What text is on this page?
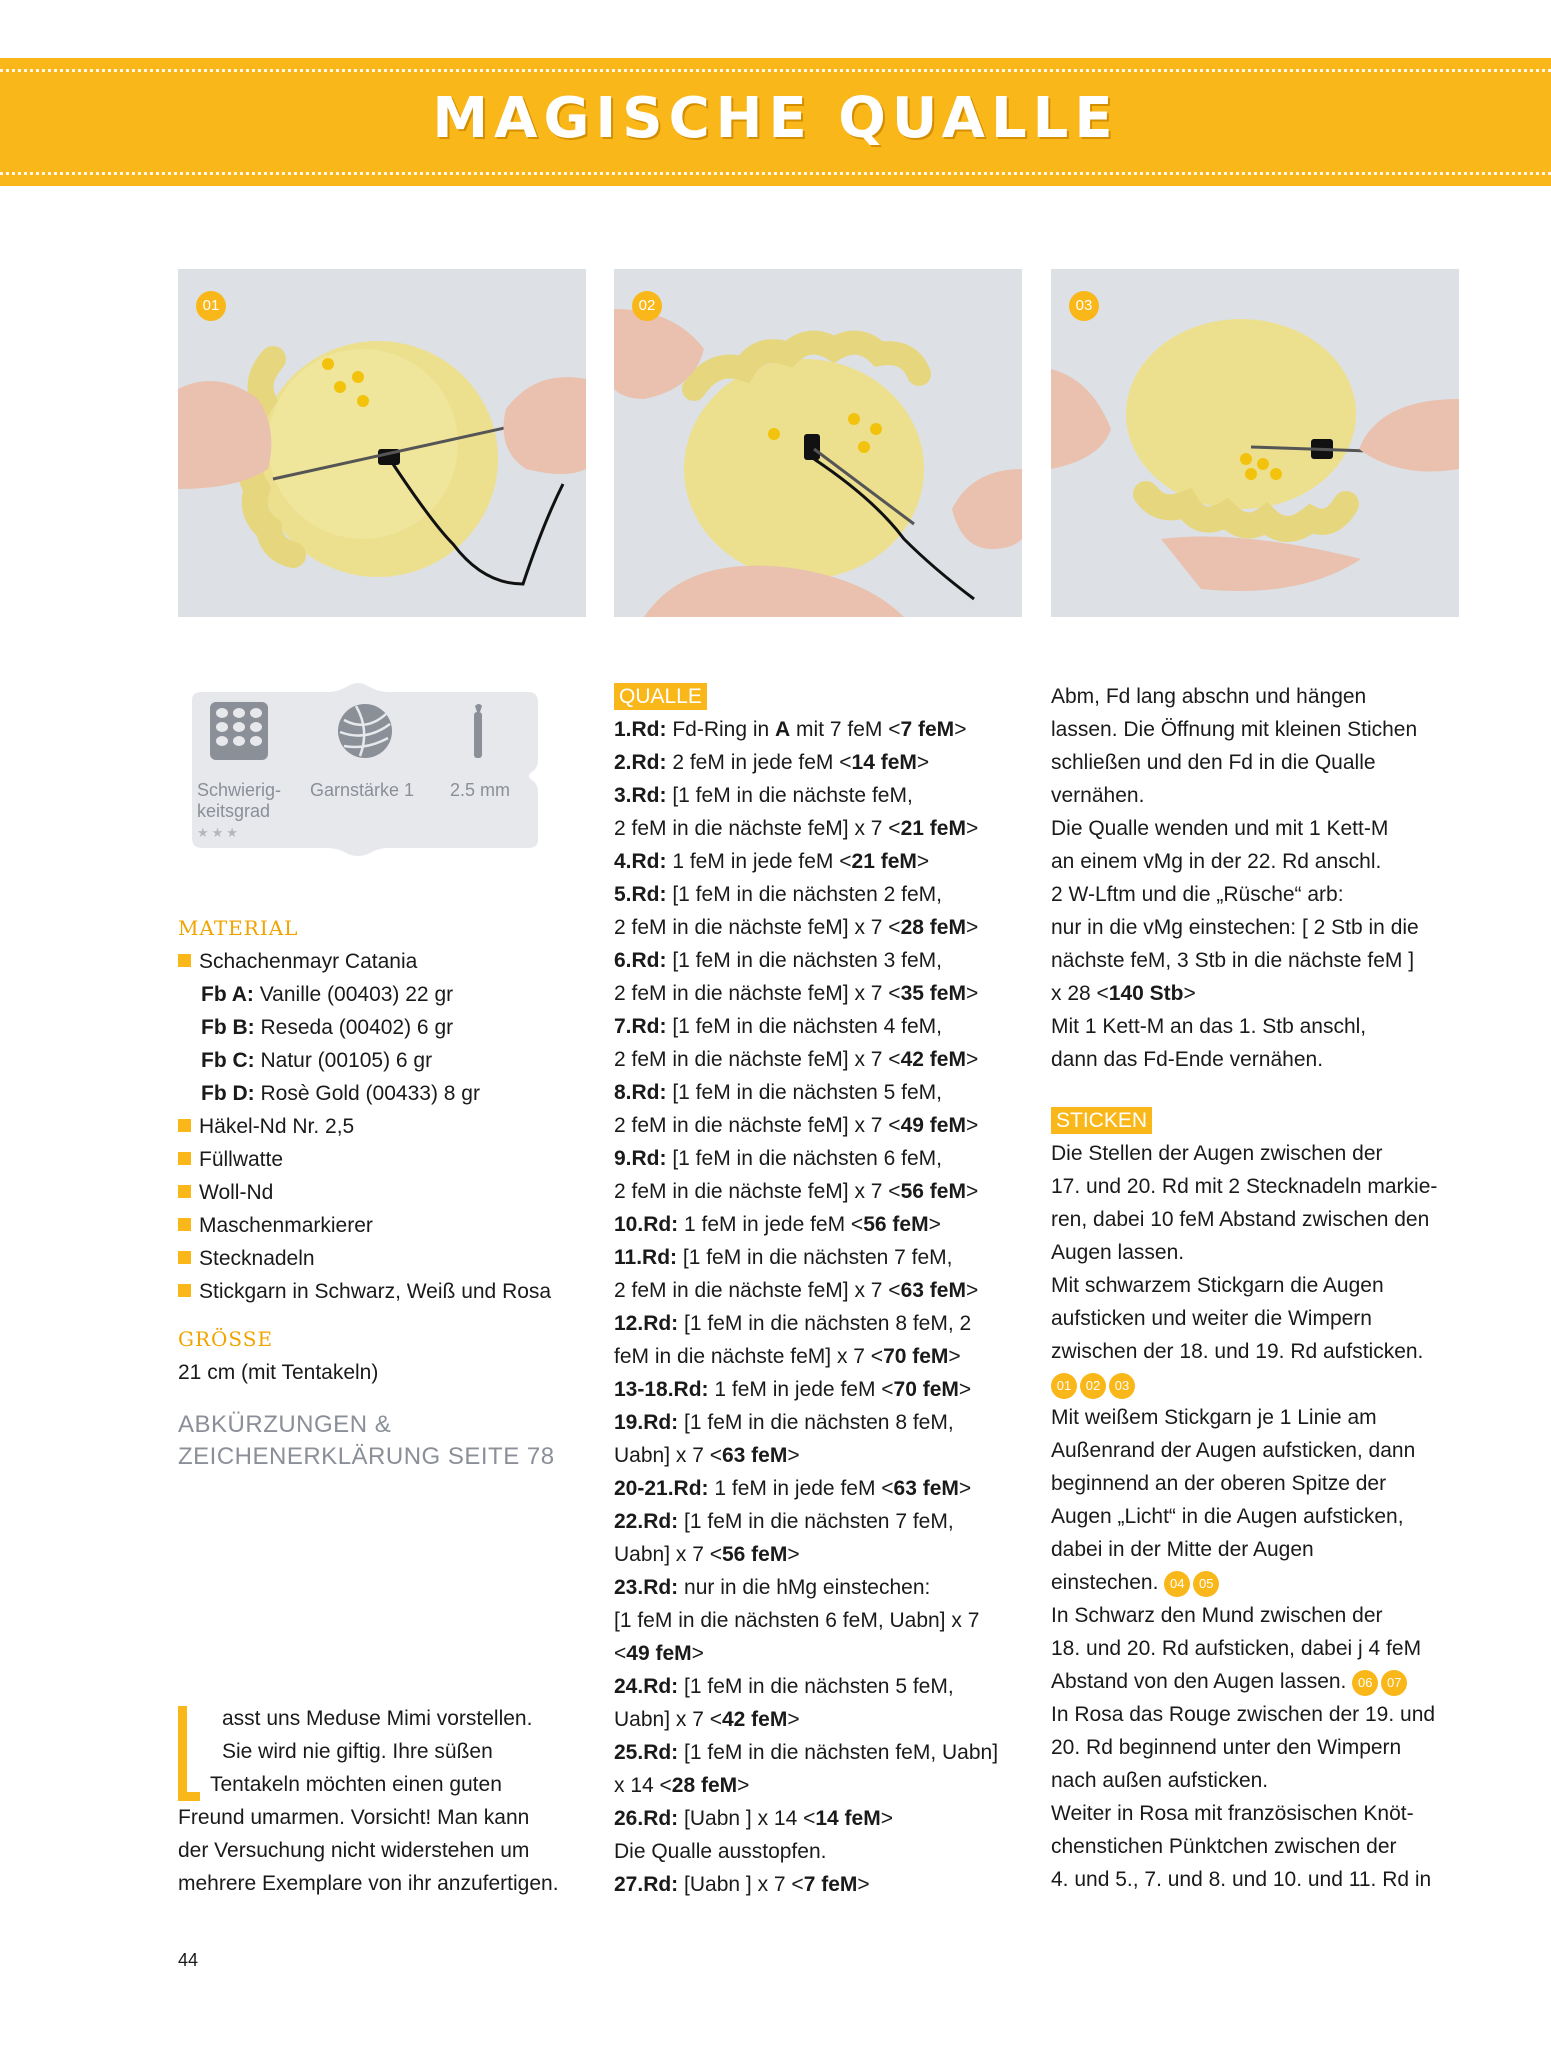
MAGISCHE QUALLE
01	02	03
Schwierig-
keitsgrad
★★★
Garnstärke 1 2.5 mm
MATERIAL

Schachenmayr Catania

Fb A: Vanille (00403) 22 gr

Fb B: Reseda (00402) 6 gr

Fb C: Natur (00105) 6 gr

Fb D: Rosè Gold (00433) 8 gr

Häkel-Nd Nr. 2,5

Füllwatte

Woll-Nd

Maschenmarkierer

Stecknadeln

Stickgarn in Schwarz, Weiß und Rosa

GRÖSSE

21 cm (mit Tentakeln)

ABKÜRZUNGEN &
ZEICHENERKLÄRUNG SEITE 78

asst uns Meduse Mimi vorstellen.

Sie wird nie giftig. Ihre süßen

Tentakeln möchten einen guten

Freund umarmen. Vorsicht! Man kann

der Versuchung nicht widerstehen um

mehrere Exemplare von ihr anzufertigen.

QUALLE

1.Rd: Fd-Ring in A mit 7 feM <7 feM>

2.Rd: 2 feM in jede feM <14 feM>

3.Rd: [1 feM in die nächste feM,

2 feM in die nächste feM] x 7 <21 feM>

4.Rd: 1 feM in jede feM <21 feM>

5.Rd: [1 feM in die nächsten 2 feM,

2 feM in die nächste feM] x 7 <28 feM>

6.Rd: [1 feM in die nächsten 3 feM,

2 feM in die nächste feM] x 7 <35 feM>

7.Rd: [1 feM in die nächsten 4 feM,

2 feM in die nächste feM] x 7 <42 feM>

8.Rd: [1 feM in die nächsten 5 feM,

2 feM in die nächste feM] x 7 <49 feM>

9.Rd: [1 feM in die nächsten 6 feM,

2 feM in die nächste feM] x 7 <56 feM>

10.Rd: 1 feM in jede feM <56 feM>

11.Rd: [1 feM in die nächsten 7 feM,

2 feM in die nächste feM] x 7 <63 feM>

12.Rd: [1 feM in die nächsten 8 feM, 2

feM in die nächste feM] x 7 <70 feM>

13-18.Rd: 1 feM in jede feM <70 feM>

19.Rd: [1 feM in die nächsten 8 feM,

Uabn] x 7 <63 feM>

20-21.Rd: 1 feM in jede feM <63 feM>

22.Rd: [1 feM in die nächsten 7 feM,

Uabn] x 7 <56 feM>

23.Rd: nur in die hMg einstechen:

[1 feM in die nächsten 6 feM, Uabn] x 7

<49 feM>

24.Rd: [1 feM in die nächsten 5 feM,

Uabn] x 7 <42 feM>

25.Rd: [1 feM in die nächsten feM, Uabn]

x 14 <28 feM>

26.Rd: [Uabn ] x 14 <14 feM>

Die Qualle ausstopfen.

27.Rd: [Uabn ] x 7 <7 feM>

Abm, Fd lang abschn und hängen

lassen. Die Öffnung mit kleinen Stichen

schließen und den Fd in die Qualle

vernähen.

Die Qualle wenden und mit 1 Kett-M

an einem vMg in der 22. Rd anschl.

2 W-Lftm und die „Rüsche“ arb:

nur in die vMg einstechen: [ 2 Stb in die

nächste feM, 3 Stb in die nächste feM ]

x 28 <140 Stb>

Mit 1 Kett-M an das 1. Stb anschl,

dann das Fd-Ende vernähen.

STICKEN

Die Stellen der Augen zwischen der

17. und 20. Rd mit 2 Stecknadeln markie-

ren, dabei 10 feM Abstand zwischen den

Augen lassen.

Mit schwarzem Stickgarn die Augen

aufsticken und weiter die Wimpern

zwischen der 18. und 19. Rd aufsticken.

01 02 03

Mit weißem Stickgarn je 1 Linie am

Außenrand der Augen aufsticken, dann

beginnend an der oberen Spitze der

Augen „Licht“ in die Augen aufsticken,

dabei in der Mitte der Augen

einstechen. 04 05

In Schwarz den Mund zwischen der

18. und 20. Rd aufsticken, dabei j 4 feM

Abstand von den Augen lassen. 06 07

In Rosa das Rouge zwischen der 19. und

20. Rd beginnend unter den Wimpern

nach außen aufsticken.

Weiter in Rosa mit französischen Knöt-

chenstichen Pünktchen zwischen der

4. und 5., 7. und 8. und 10. und 11. Rd in

44
